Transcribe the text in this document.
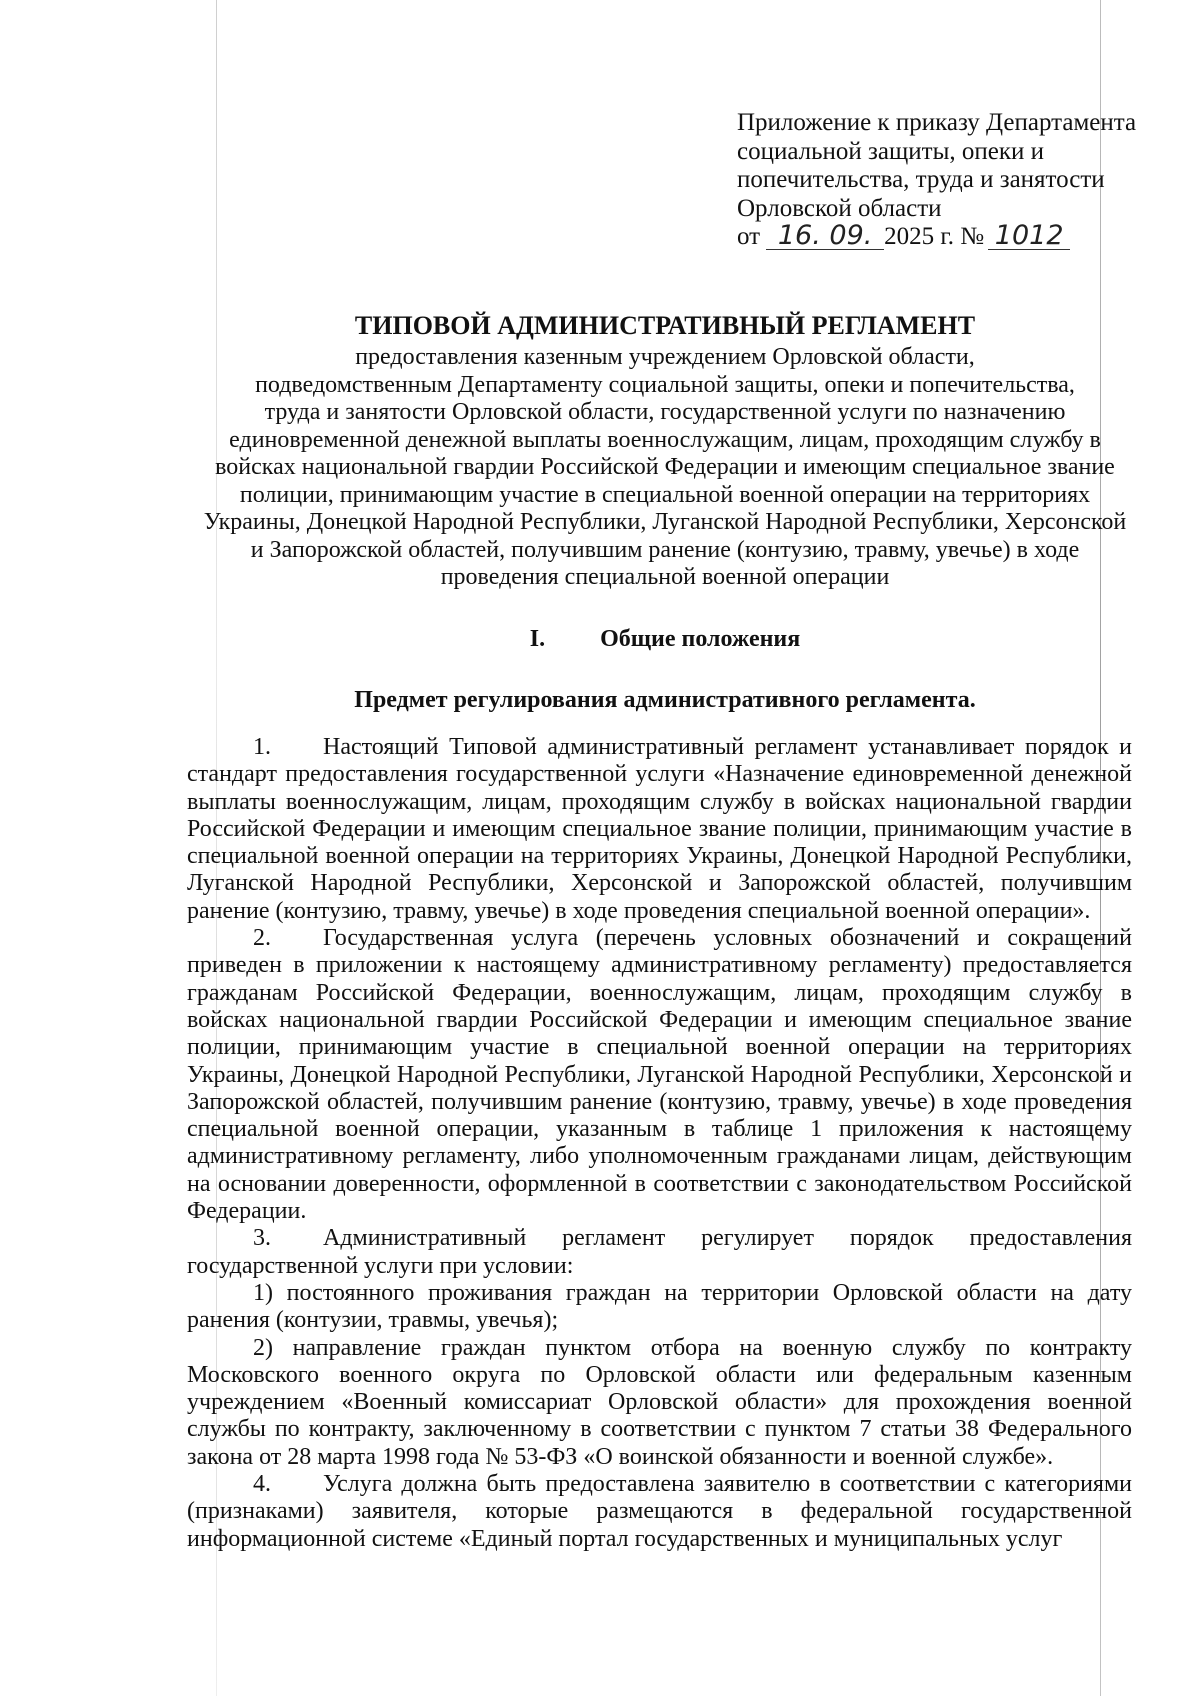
Приложение к приказу Департамента
социальной защиты, опеки и
попечительства, труда и занятости
Орловской области
от 16. 09. 2025 г. № 1012
ТИПОВОЙ АДМИНИСТРАТИВНЫЙ РЕГЛАМЕНТ
предоставления казенным учреждением Орловской области,
подведомственным Департаменту социальной защиты, опеки и попечительства,
труда и занятости Орловской области, государственной услуги по назначению
единовременной денежной выплаты военнослужащим, лицам, проходящим службу в
войсках национальной гвардии Российской Федерации и имеющим специальное звание
полиции, принимающим участие в специальной военной операции на территориях
Украины, Донецкой Народной Республики, Луганской Народной Республики, Херсонской
и Запорожской областей, получившим ранение (контузию, травму, увечье) в ходе
проведения специальной военной операции
I. Общие положения
Предмет регулирования административного регламента.

1. Настоящий Типовой административный регламент устанавливает порядок и стандарт предоставления государственной услуги «Назначение единовременной денежной выплаты военнослужащим, лицам, проходящим службу в войсках национальной гвардии Российской Федерации и имеющим специальное звание полиции, принимающим участие в специальной военной операции на территориях Украины, Донецкой Народной Республики, Луганской Народной Республики, Херсонской и Запорожской областей, получившим ранение (контузию, травму, увечье) в ходе проведения специальной военной операции».

2. Государственная услуга (перечень условных обозначений и сокращений приведен в приложении к настоящему административному регламенту) предоставляется гражданам Российской Федерации, военнослужащим, лицам, проходящим службу в войсках национальной гвардии Российской Федерации и имеющим специальное звание полиции, принимающим участие в специальной военной операции на территориях Украины, Донецкой Народной Республики, Луганской Народной Республики, Херсонской и Запорожской областей, получившим ранение (контузию, травму, увечье) в ходе проведения специальной военной операции, указанным в таблице 1 приложения к настоящему административному регламенту, либо уполномоченным гражданами лицам, действующим на основании доверенности, оформленной в соответствии с законодательством Российской Федерации.

3. Административный регламент регулирует порядок предоставления государственной услуги при условии:

1) постоянного проживания граждан на территории Орловской области на дату ранения (контузии, травмы, увечья);

2) направление граждан пунктом отбора на военную службу по контракту Московского военного округа по Орловской области или федеральным казенным учреждением «Военный комиссариат Орловской области» для прохождения военной службы по контракту, заключенному в соответствии с пунктом 7 статьи 38 Федерального закона от 28 марта 1998 года № 53-ФЗ «О воинской обязанности и военной службе».

4. Услуга должна быть предоставлена заявителю в соответствии с категориями (признаками) заявителя, которые размещаются в федеральной государственной информационной системе «Единый портал государственных и муниципальных услуг
